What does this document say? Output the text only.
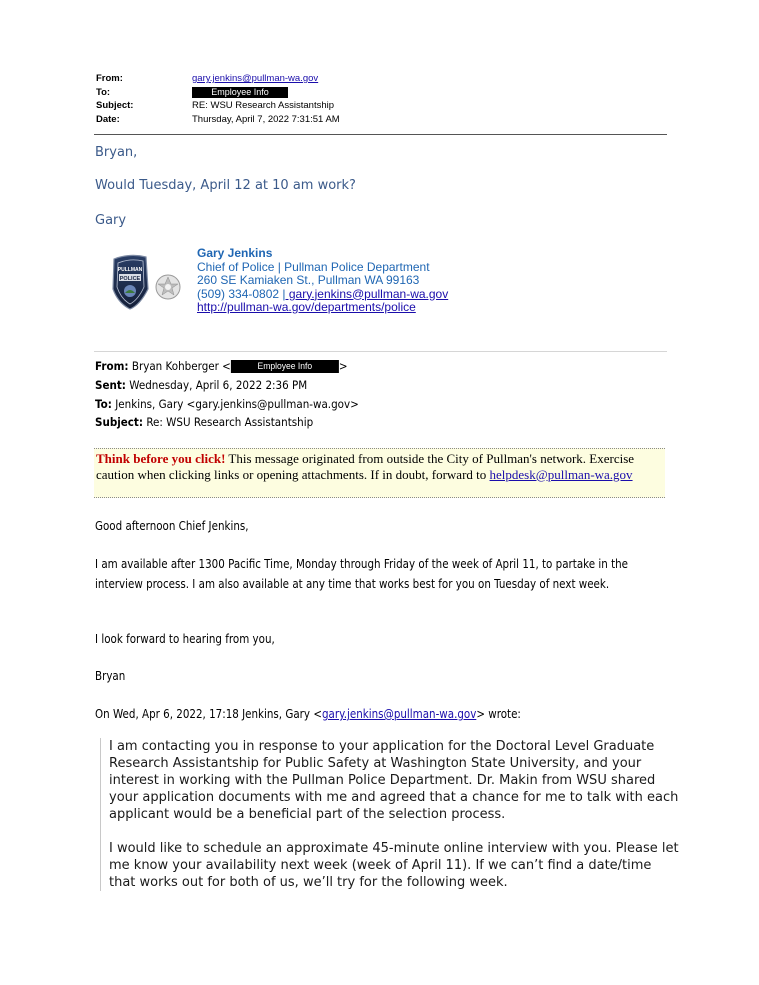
From:	gary.jenkins@pullman-wa.gov
To:	Employee Info
Subject:	RE: WSU Research Assistantship
Date:	Thursday, April 7, 2022 7:31:51 AM
Bryan,
Would Tuesday, April 12 at 10 am work?
Gary
PULLMAN
POLICE
Gary Jenkins
Chief of Police | Pullman Police Department
260 SE Kamiaken St., Pullman WA 99163
(509) 334-0802 | gary.jenkins@pullman-wa.gov
http://pullman-wa.gov/departments/police
From: Bryan Kohberger <	Employee Info >
Sent: Wednesday, April 6, 2022 2:36 PM
To: Jenkins, Gary <gary.jenkins@pullman-wa.gov>
Subject: Re: WSU Research Assistantship
Think before you click! This message originated from outside the City of Pullman's network. Exercise caution when clicking links or opening attachments. If in doubt, forward to helpdesk@pullman-wa.gov
Good afternoon Chief Jenkins,
I am available after 1300 Pacific Time, Monday through Friday of the week of April 11, to partake in the interview process. I am also available at any time that works best for you on Tuesday of next week.
I look forward to hearing from you,
Bryan
On Wed, Apr 6, 2022, 17:18 Jenkins, Gary <gary.jenkins@pullman-wa.gov> wrote:

I am contacting you in response to your application for the Doctoral Level Graduate Research Assistantship for Public Safety at Washington State University, and your interest in working with the Pullman Police Department. Dr. Makin from WSU shared your application documents with me and agreed that a chance for me to talk with each applicant would be a beneficial part of the selection process.

I would like to schedule an approximate 45-minute online interview with you. Please let me know your availability next week (week of April 11). If we can’t find a date/time that works out for both of us, we’ll try for the following week.
